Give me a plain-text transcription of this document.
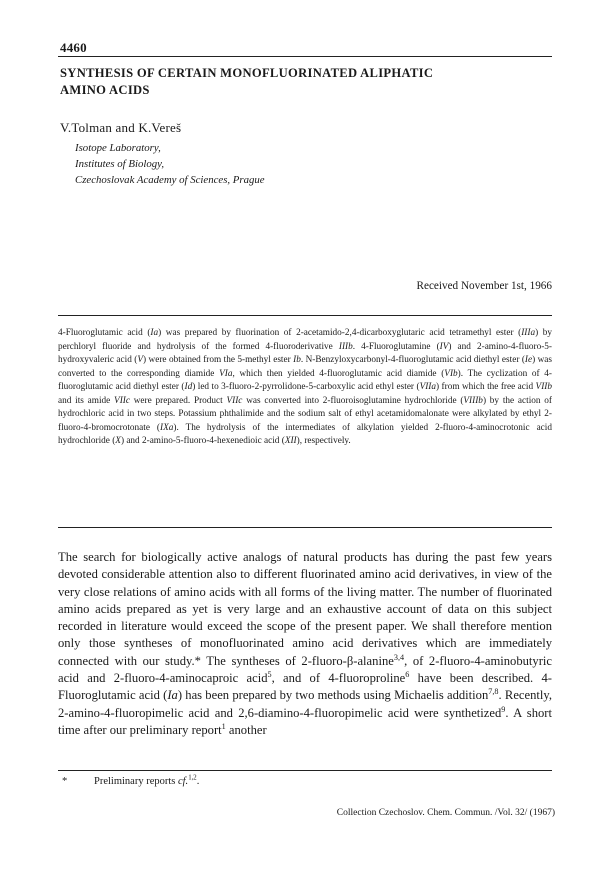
4460
SYNTHESIS OF CERTAIN MONOFLUORINATED ALIPHATIC
AMINO ACIDS
V.Tolman and K.Vereš
Isotope Laboratory,
Institutes of Biology,
Czechoslovak Academy of Sciences, Prague
Received November 1st, 1966

4-Fluoroglutamic acid (Ia) was prepared by fluorination of 2-acetamido-2,4-dicarboxyglutaric acid tetramethyl ester (IIIa) by perchloryl fluoride and hydrolysis of the formed 4-fluoroderivative IIIb. 4-Fluoroglutamine (IV) and 2-amino-4-fluoro-5-hydroxyvaleric acid (V) were obtained from the 5-methyl ester Ib. N-Benzyloxycarbonyl-4-fluoroglutamic acid diethyl ester (Ie) was converted to the corresponding diamide VIa, which then yielded 4-fluoroglutamic acid diamide (VIb). The cyclization of 4-fluoroglutamic acid diethyl ester (Id) led to 3-fluoro-2-pyrrolidone-5-carboxylic acid ethyl ester (VIIa) from which the free acid VIIb and its amide VIIc were prepared. Product VIIc was converted into 2-fluoroisoglutamine hydrochloride (VIIIb) by the action of hydrochloric acid in two steps. Potassium phthalimide and the sodium salt of ethyl acetamidomalonate were alkylated by ethyl 2-fluoro-4-bromocrotonate (IXa). The hydrolysis of the intermediates of alkylation yielded 2-fluoro-4-aminocrotonic acid hydrochloride (X) and 2-amino-5-fluoro-4-hexenedioic acid (XII), respectively.

The search for biologically active analogs of natural products has during the past few years devoted considerable attention also to different fluorinated amino acid derivatives, in view of the very close relations of amino acids with all forms of the living matter. The number of fluorinated amino acids prepared as yet is very large and an exhaustive account of data on this subject recorded in literature would exceed the scope of the present paper. We shall therefore mention only those syntheses of monofluorinated amino acid derivatives which are immediately connected with our study.* The syntheses of 2-fluoro-β-alanine$^{3,4}$, of 2-fluoro-4-aminobutyric acid and 2-fluoro-4-aminocaproic acid$^5$, and of 4-fluoroproline$^6$ have been described. 4-Fluoroglutamic acid (Ia) has been prepared by two methods using Michaelis addition$^{7,8}$. Recently, 2-amino-4-fluoropimelic acid and 2,6-diamino-4-fluoropimelic acid were synthetized$^9$. A short time after our preliminary report$^1$ another

*	Preliminary reports cf.$^{1,2}$.
Collection Czechoslov. Chem. Commun. /Vol. 32/ (1967)
